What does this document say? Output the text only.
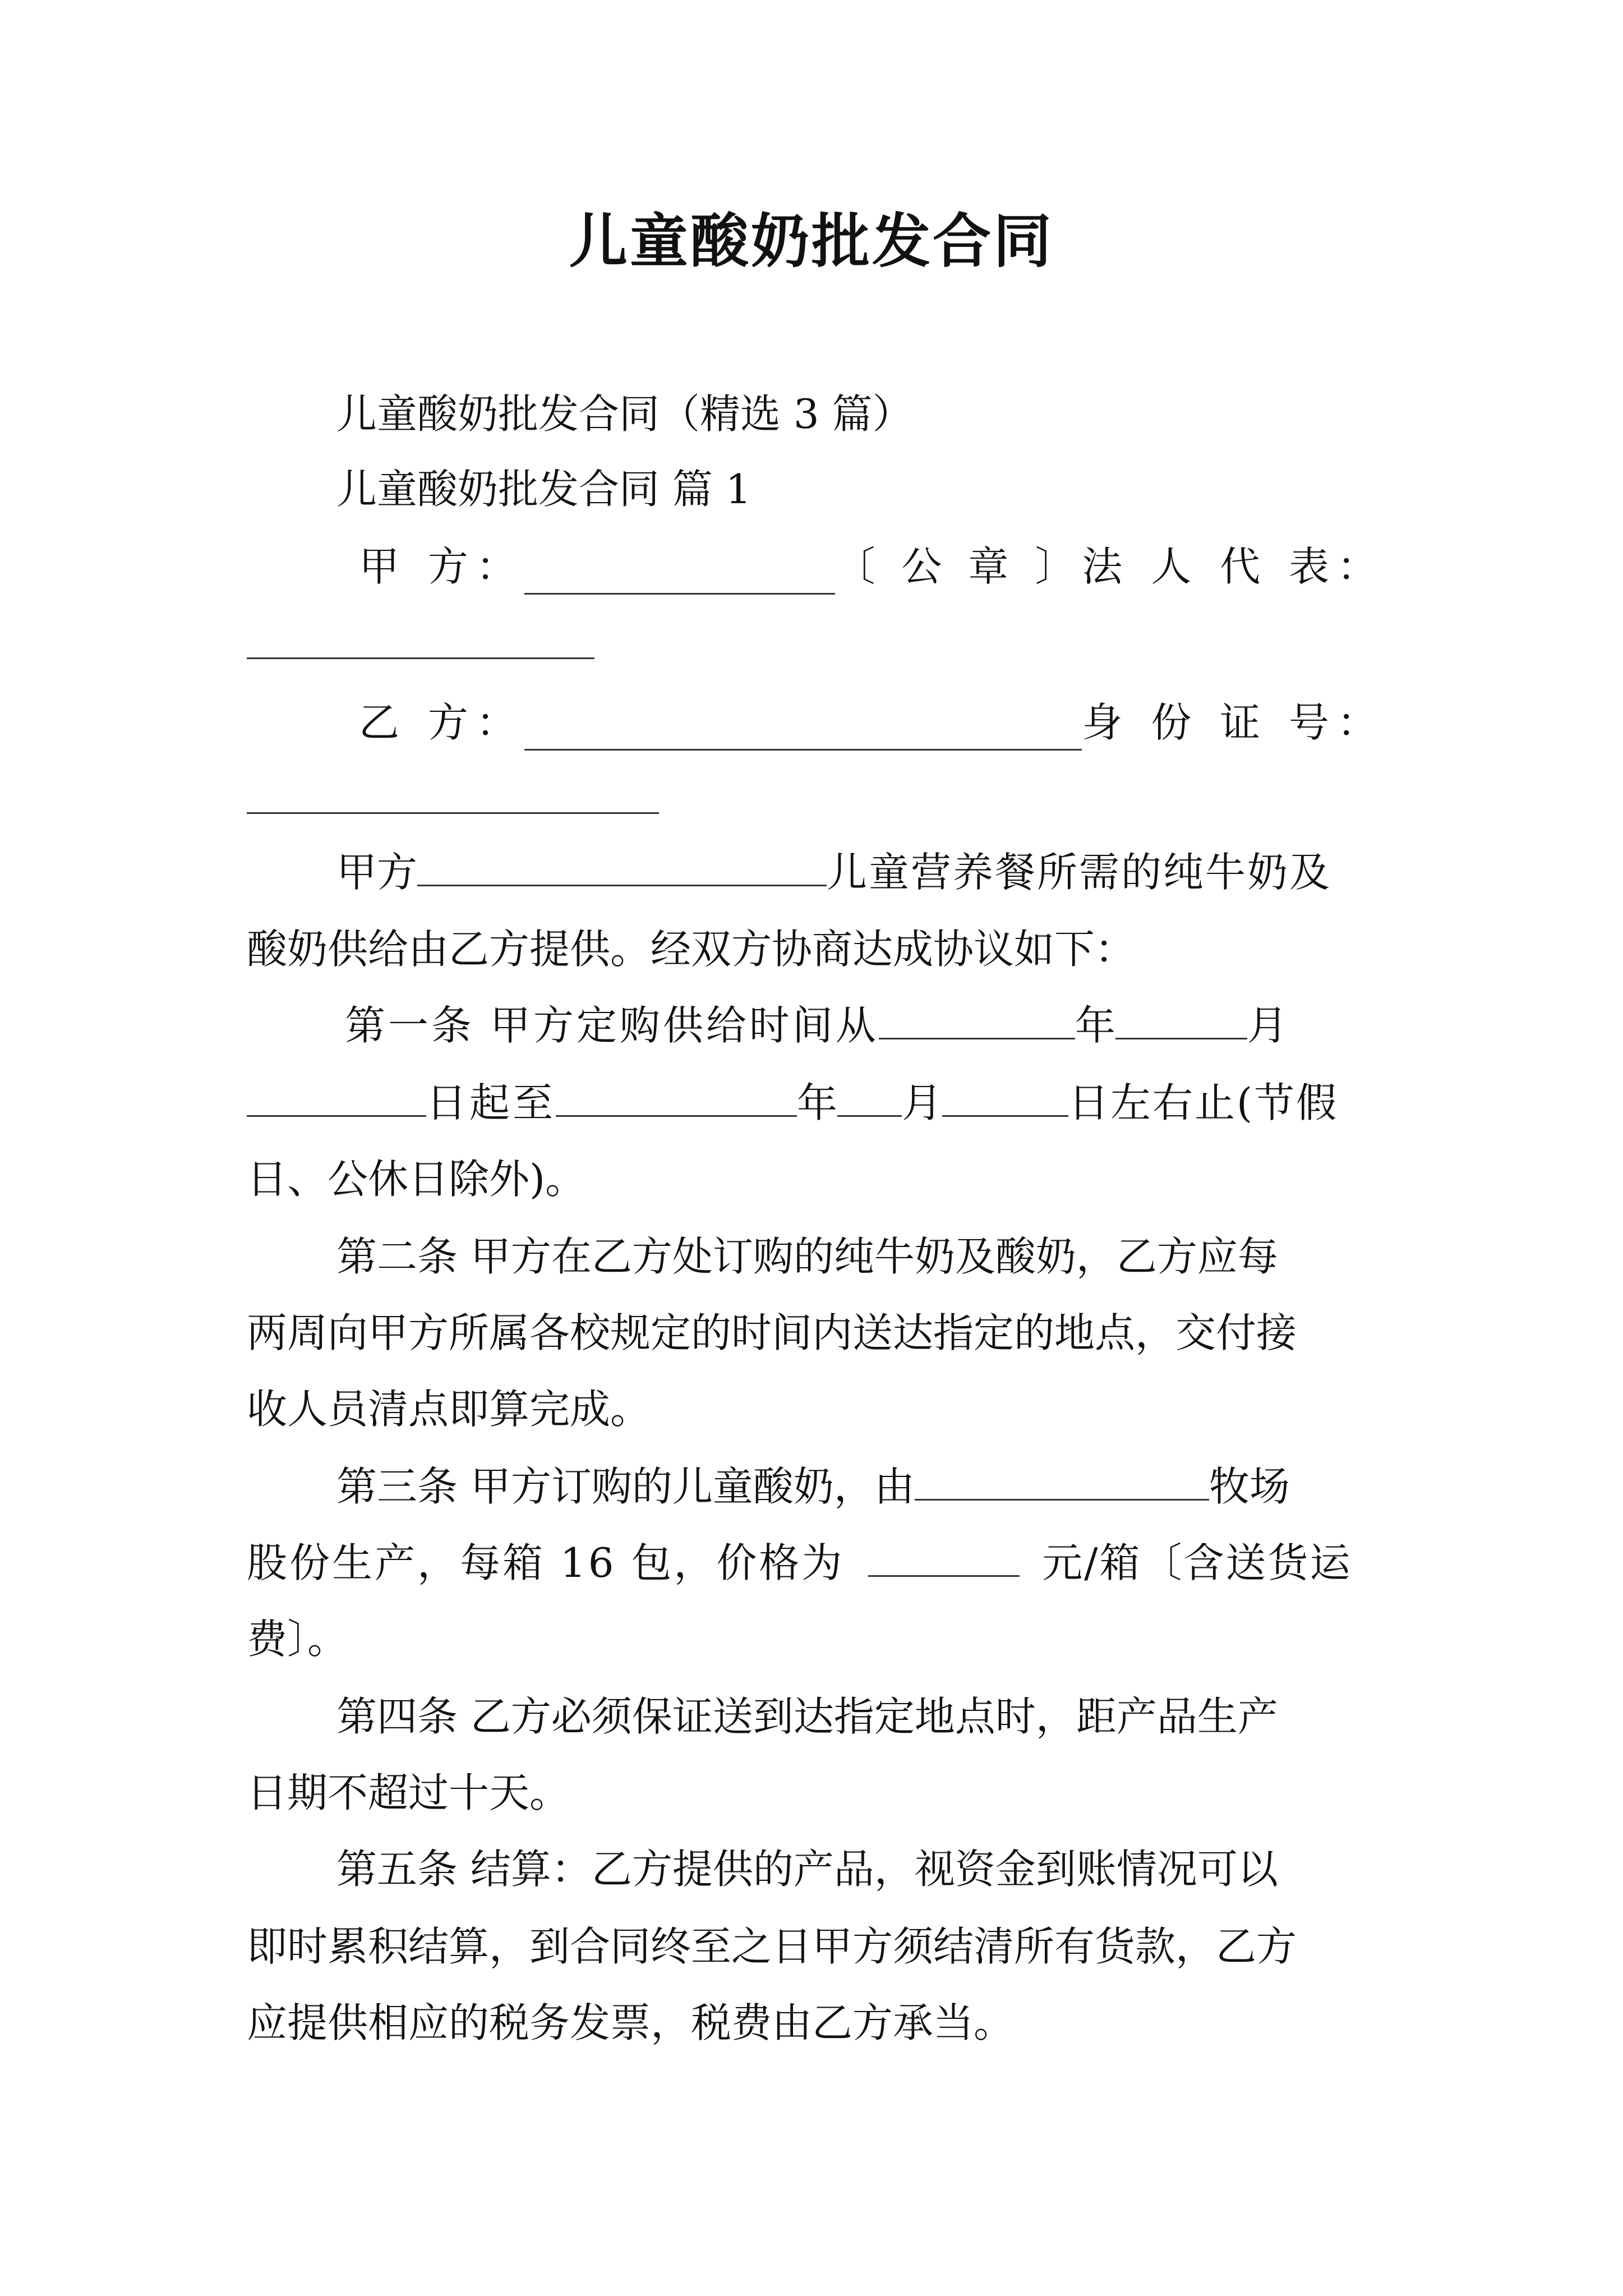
儿童酸奶批发合同
儿童酸奶批发合同（精选 3 篇）
儿童酸奶批发合同 篇 1
甲 方：	〔 公 章 〕 法 人 代 表：
乙 方：	身 份 证 号：
甲方	儿童营养餐所需的纯牛奶及
酸奶供给由乙方提供。经双方协商达成协议如下：
第一条 甲方定购供给时间从	年	月
日起至	年 月	日左右止(节假
日、公休日除外)。
第二条 甲方在乙方处订购的纯牛奶及酸奶，乙方应每
两周向甲方所属各校规定的时间内送达指定的地点，交付接
收人员清点即算完成。
第三条 甲方订购的儿童酸奶，由	牧场
股份生产，每箱 16 包，价格为	元/箱〔含送货运
费〕。
第四条 乙方必须保证送到达指定地点时，距产品生产
日期不超过十天。
第五条 结算：乙方提供的产品，视资金到账情况可以
即时累积结算，到合同终至之日甲方须结清所有货款，乙方
应提供相应的税务发票，税费由乙方承当。
